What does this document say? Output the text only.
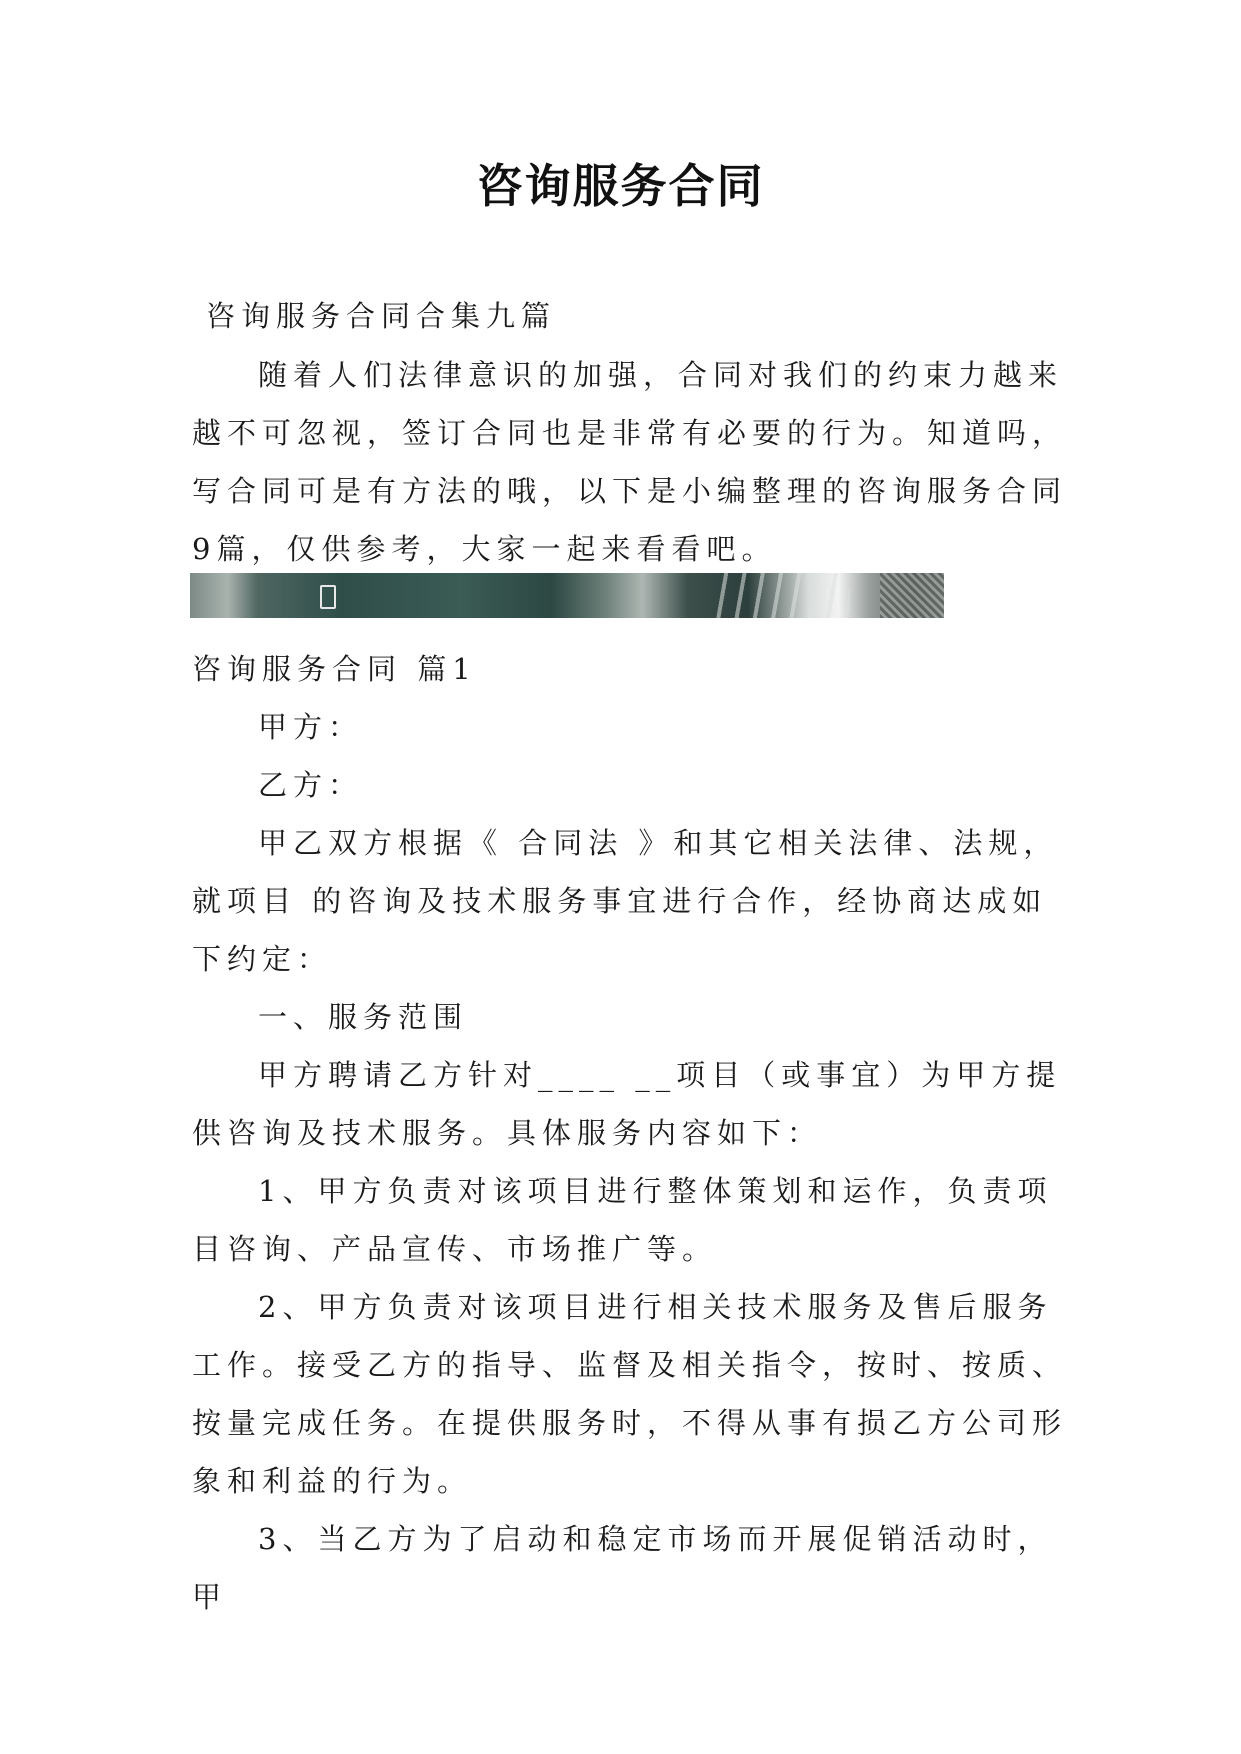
咨询服务合同

咨询服务合同合集九篇

随着人们法律意识的加强，合同对我们的约束力越来越不可忽视，签订合同也是非常有必要的行为。知道吗，写合同可是有方法的哦，以下是小编整理的咨询服务合同9篇，仅供参考，大家一起来看看吧。

咨询服务合同 篇1

甲方：

乙方：

甲乙双方根据《 合同法 》和其它相关法律、法规，就项目 的咨询及技术服务事宜进行合作，经协商达成如下约定：

一、服务范围

甲方聘请乙方针对____ __项目（或事宜）为甲方提供咨询及技术服务。具体服务内容如下：

1、甲方负责对该项目进行整体策划和运作，负责项目咨询、产品宣传、市场推广等。

2、甲方负责对该项目进行相关技术服务及售后服务工作。接受乙方的指导、监督及相关指令，按时、按质、按量完成任务。在提供服务时，不得从事有损乙方公司形象和利益的行为。

3、当乙方为了启动和稳定市场而开展促销活动时，甲
